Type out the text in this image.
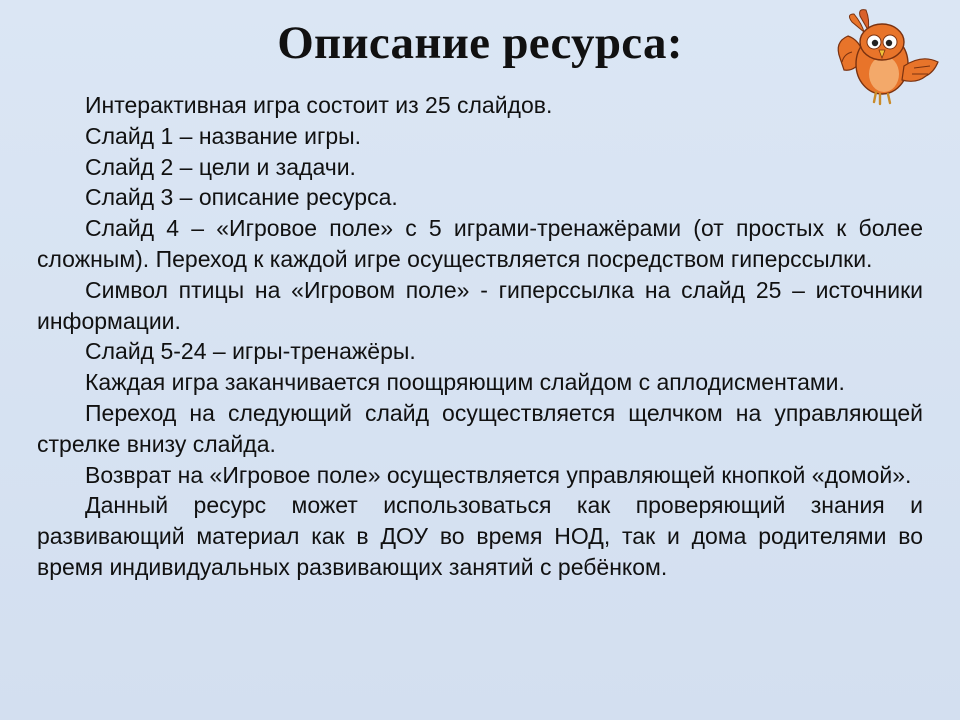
Описание ресурса:

Интерактивная игра состоит из 25 слайдов.

Слайд 1 – название игры.

Слайд 2 – цели и задачи.

Слайд 3 – описание ресурса.

Слайд 4 – «Игровое поле» с 5 играми-тренажёрами (от простых к более сложным). Переход к каждой игре осуществляется посредством гиперссылки.

Символ птицы на «Игровом поле» - гиперссылка на слайд 25 – источники информации.

Слайд 5-24 – игры-тренажёры.

Каждая игра заканчивается поощряющим слайдом с аплодисментами.

Переход на следующий слайд осуществляется щелчком на управляющей стрелке внизу слайда.

Возврат на «Игровое поле» осуществляется управляющей кнопкой «домой».

Данный ресурс может использоваться как проверяющий знания и развивающий материал как в ДОУ во время НОД, так и дома родителями во время индивидуальных развивающих занятий с ребёнком.
